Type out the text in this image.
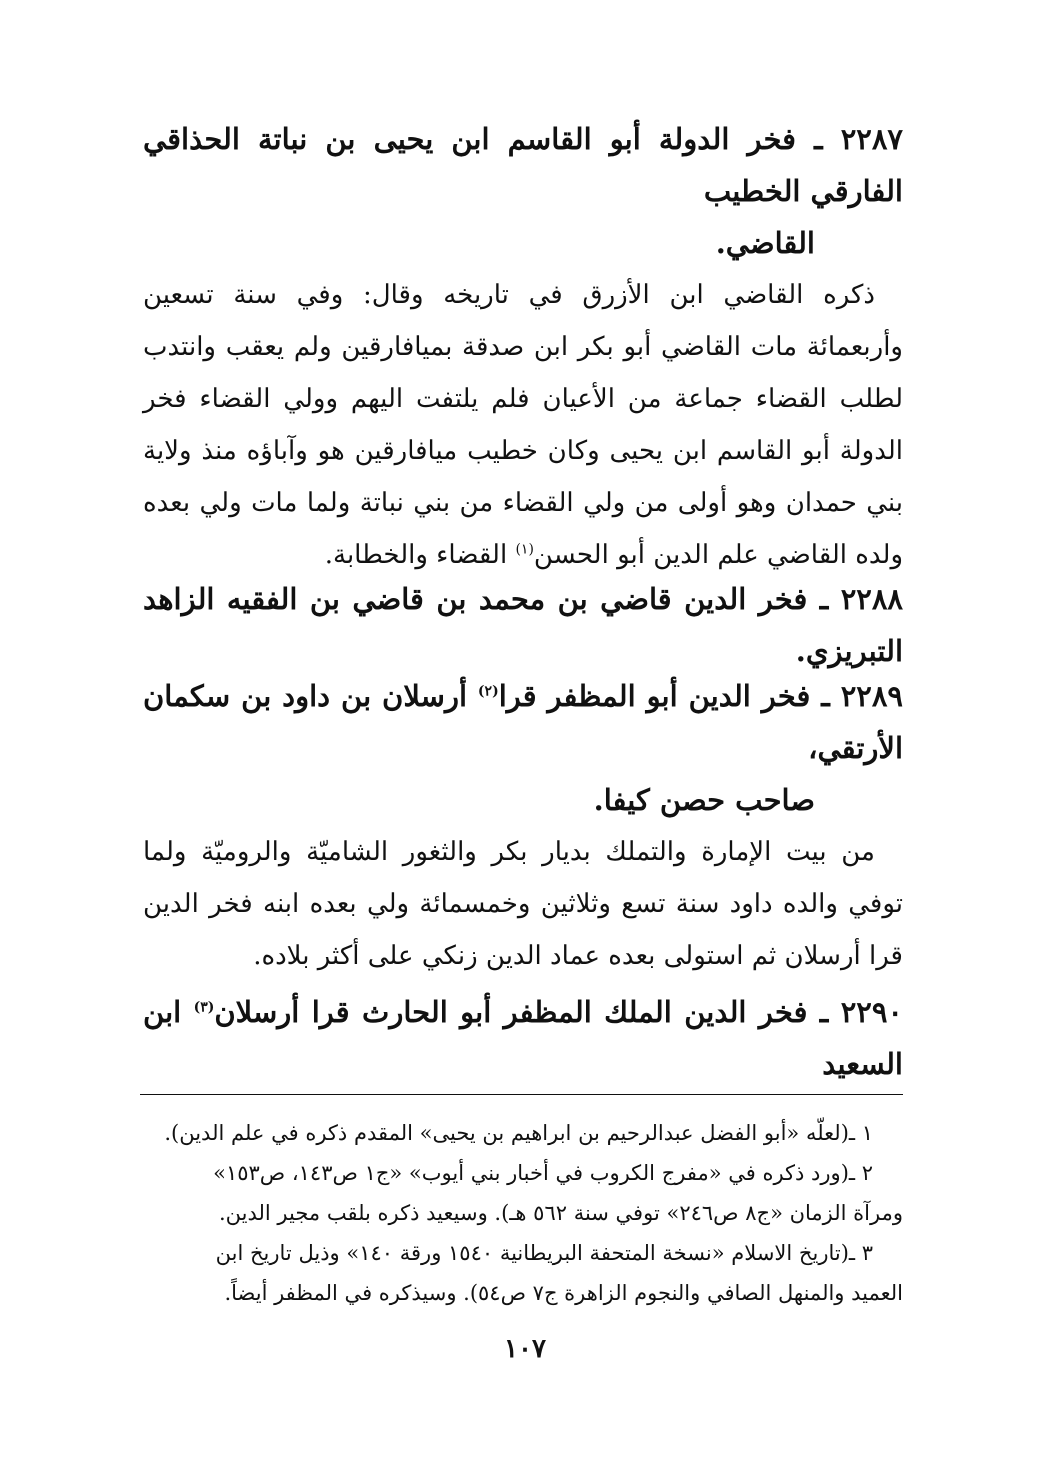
٢٢٨٧ ـ فخر الدولة أبو القاسم ابن يحيى بن نباتة الحذاقي الفارقي الخطيب
القاضي.
ذكره القاضي ابن الأزرق في تاريخه وقال: وفي سنة تسعين وأربعمائة مات القاضي أبو بكر ابن صدقة بميافارقين ولم يعقب وانتدب لطلب القضاء جماعة من الأعيان فلم يلتفت اليهم وولي القضاء فخر الدولة أبو القاسم ابن يحيى وكان خطيب ميافارقين هو وآباؤه منذ ولاية بني حمدان وهو أولى من ولي القضاء من بني نباتة ولما مات ولي بعده ولده القاضي علم الدين أبو الحسن$^{(١)}$ القضاء والخطابة.
٢٢٨٨ ـ فخر الدين قاضي بن محمد بن قاضي بن الفقيه الزاهد التبريزي.
٢٢٨٩ ـ فخر الدين أبو المظفر قرا$^{(٢)}$ أرسلان بن داود بن سكمان الأرتقي،
صاحب حصن كيفا.
من بيت الإمارة والتملك بديار بكر والثغور الشاميّة والروميّة ولما توفي والده داود سنة تسع وثلاثين وخمسمائة ولي بعده ابنه فخر الدين قرا أرسلان ثم استولى بعده عماد الدين زنكي على أكثر بلاده.
٢٢٩٠ ـ فخر الدين الملك المظفر أبو الحارث قرا أرسلان$^{(٣)}$ ابن السعيد
١ ـ(لعلّه «أبو الفضل عبدالرحيم بن ابراهيم بن يحيى» المقدم ذكره في علم الدين).
٢ ـ(ورد ذكره في «مفرج الكروب في أخبار بني أيوب» «ج١ ص١٤٣، ص١٥٣»
ومرآة الزمان «ج٨ ص٢٤٦» توفي سنة ٥٦٢ هـ). وسيعيد ذكره بلقب مجير الدين.
٣ ـ(تاريخ الاسلام «نسخة المتحفة البريطانية ١٥٤٠ ورقة ١٤٠» وذيل تاريخ ابن
العميد والمنهل الصافي والنجوم الزاهرة ج٧ ص٥٤). وسيذكره في المظفر أيضاً.
١٠٧
